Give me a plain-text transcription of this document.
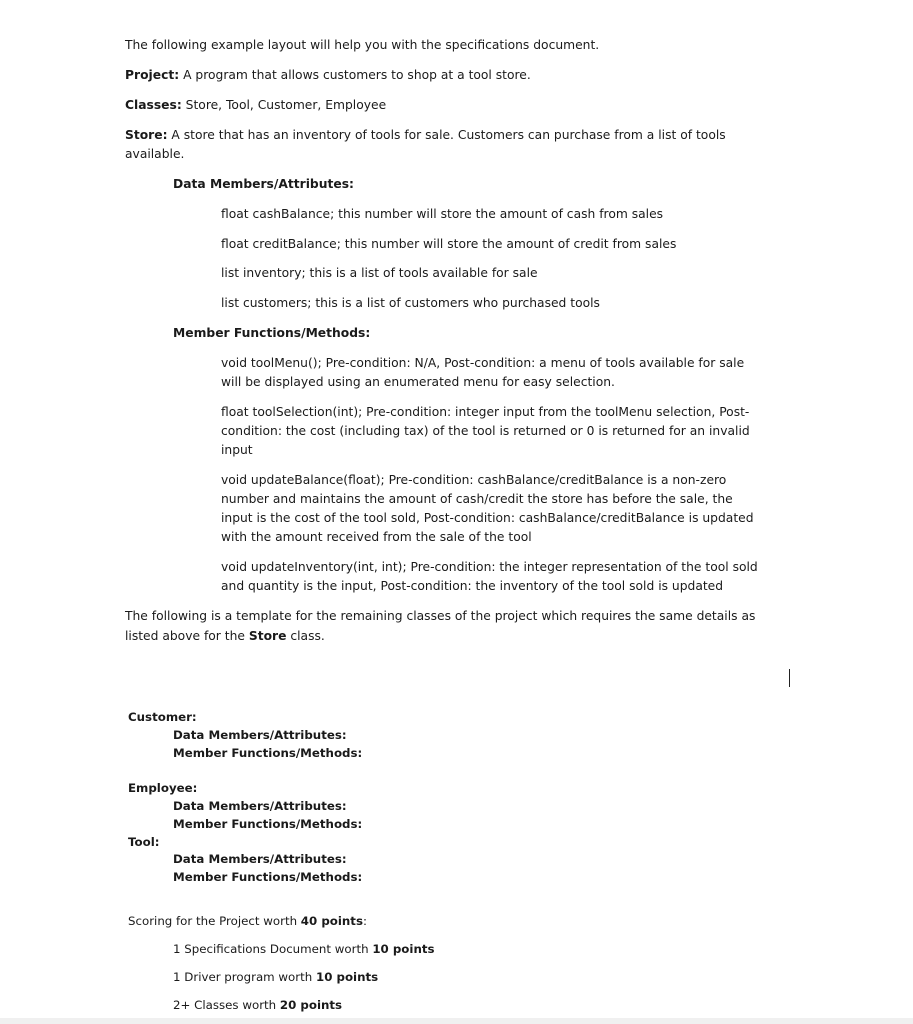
The following example layout will help you with the specifications document.
Project: A program that allows customers to shop at a tool store.
Classes: Store, Tool, Customer, Employee
Store: A store that has an inventory of tools for sale. Customers can purchase from a list of tools
available.
Data Members/Attributes:
float cashBalance; this number will store the amount of cash from sales
float creditBalance; this number will store the amount of credit from sales
list inventory; this is a list of tools available for sale
list customers; this is a list of customers who purchased tools
Member Functions/Methods:
void toolMenu(); Pre-condition: N/A, Post-condition: a menu of tools available for sale
will be displayed using an enumerated menu for easy selection.
float toolSelection(int); Pre-condition: integer input from the toolMenu selection, Post-
condition: the cost (including tax) of the tool is returned or 0 is returned for an invalid
input
void updateBalance(float); Pre-condition: cashBalance/creditBalance is a non-zero
number and maintains the amount of cash/credit the store has before the sale, the
input is the cost of the tool sold, Post-condition: cashBalance/creditBalance is updated
with the amount received from the sale of the tool
void updateInventory(int, int); Pre-condition: the integer representation of the tool sold
and quantity is the input, Post-condition: the inventory of the tool sold is updated
The following is a template for the remaining classes of the project which requires the same details as
listed above for the Store class.
Customer:
Data Members/Attributes:
Member Functions/Methods:
Employee:
Data Members/Attributes:
Member Functions/Methods:
Tool:
Data Members/Attributes:
Member Functions/Methods:
Scoring for the Project worth 40 points:
1 Specifications Document worth 10 points
1 Driver program worth 10 points
2+ Classes worth 20 points
